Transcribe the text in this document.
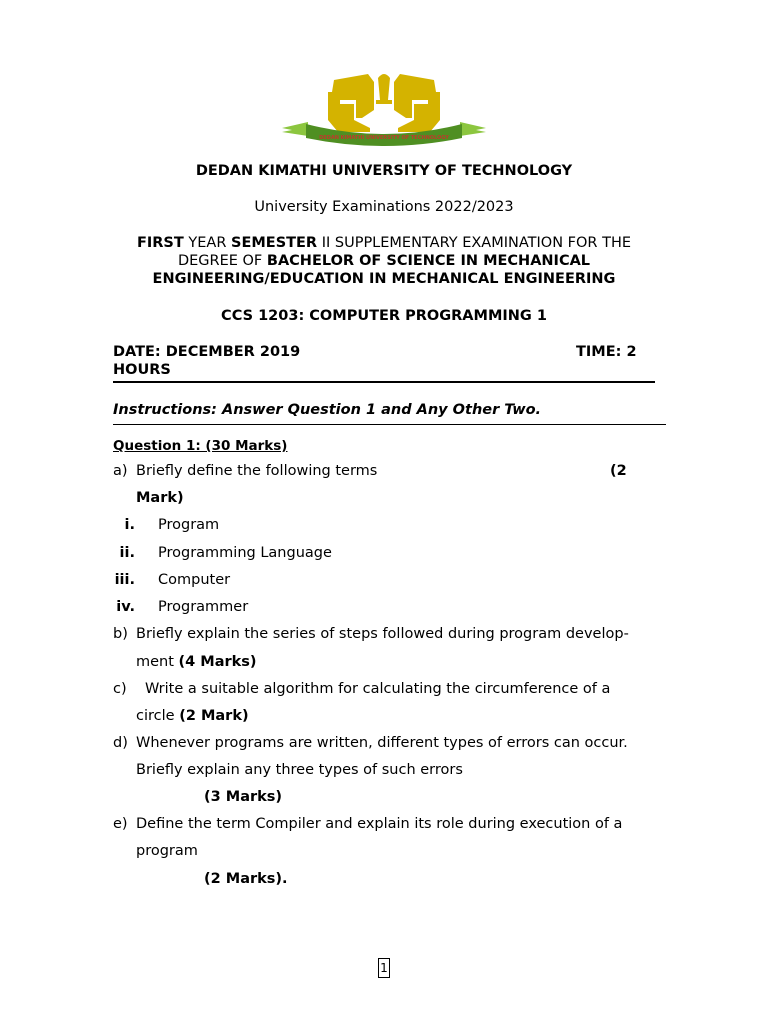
DEDAN KIMATHI UNIVERSITY OF TECHNOLOGY
DEDAN KIMATHI UNIVERSITY OF TECHNOLOGY
University Examinations 2022/2023
FIRST YEAR SEMESTER II SUPPLEMENTARY EXAMINATION FOR THE
DEGREE OF BACHELOR OF SCIENCE IN MECHANICAL
ENGINEERING/EDUCATION IN MECHANICAL ENGINEERING
CCS 1203: COMPUTER PROGRAMMING 1
DATE: DECEMBER 2019	TIME: 2
HOURS
Instructions: Answer Question 1 and Any Other Two.
Question 1: (30 Marks)
a) Briefly define the following terms	(2
Mark)
i. Program
ii. Programming Language
iii. Computer
iv. Programmer
b) Briefly explain the series of steps followed during program develop-
ment (4 Marks)
c) Write a suitable algorithm for calculating the circumference of a
circle (2 Mark)
d) Whenever programs are written, different types of errors can occur.
Briefly explain any three types of such errors
(3 Marks)
e) Define the term Compiler and explain its role during execution of a
program
(2 Marks).
1
